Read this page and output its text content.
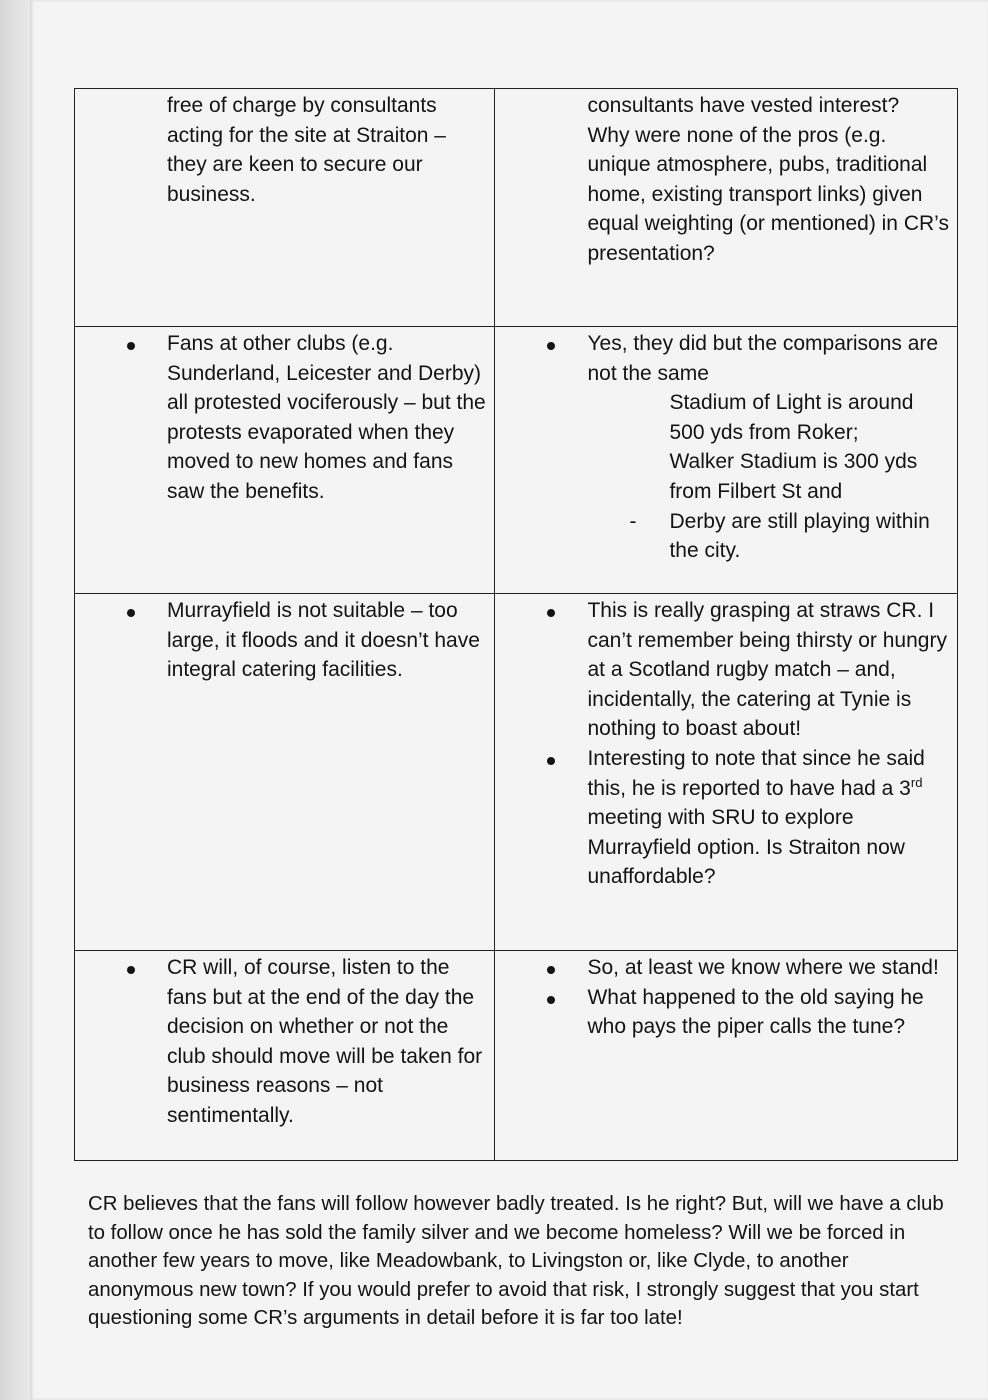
free of charge by consultants acting for the site at Straiton – they are keen to secure our business.	consultants have vested interest?
Why were none of the pros (e.g. unique atmosphere, pubs, traditional home, existing transport links) given equal weighting (or mentioned) in CR’s presentation?

Fans at other clubs (e.g. Sunderland, Leicester and Derby) all protested vociferously – but the protests evaporated when they moved to new homes and fans saw the benefits.	Yes, they did but the comparisons are not the same
Stadium of Light is around 500 yds from Roker;
Walker Stadium is 300 yds from Filbert St and
- Derby are still playing within the city.

Murrayfield is not suitable – too large, it floods and it doesn’t have integral catering facilities.	This is really grasping at straws CR. I can’t remember being thirsty or hungry at a Scotland rugby match – and, incidentally, the catering at Tynie is nothing to boast about!
Interesting to note that since he said this, he is reported to have had a 3rd meeting with SRU to explore Murrayfield option. Is Straiton now unaffordable?

CR will, of course, listen to the fans but at the end of the day the decision on whether or not the club should move will be taken for business reasons – not sentimentally.	So, at least we know where we stand!
What happened to the old saying he who pays the piper calls the tune?

CR believes that the fans will follow however badly treated. Is he right? But, will we have a club to follow once he has sold the family silver and we become homeless? Will we be forced in another few years to move, like Meadowbank, to Livingston or, like Clyde, to another anonymous new town? If you would prefer to avoid that risk, I strongly suggest that you start questioning some CR’s arguments in detail before it is far too late!
